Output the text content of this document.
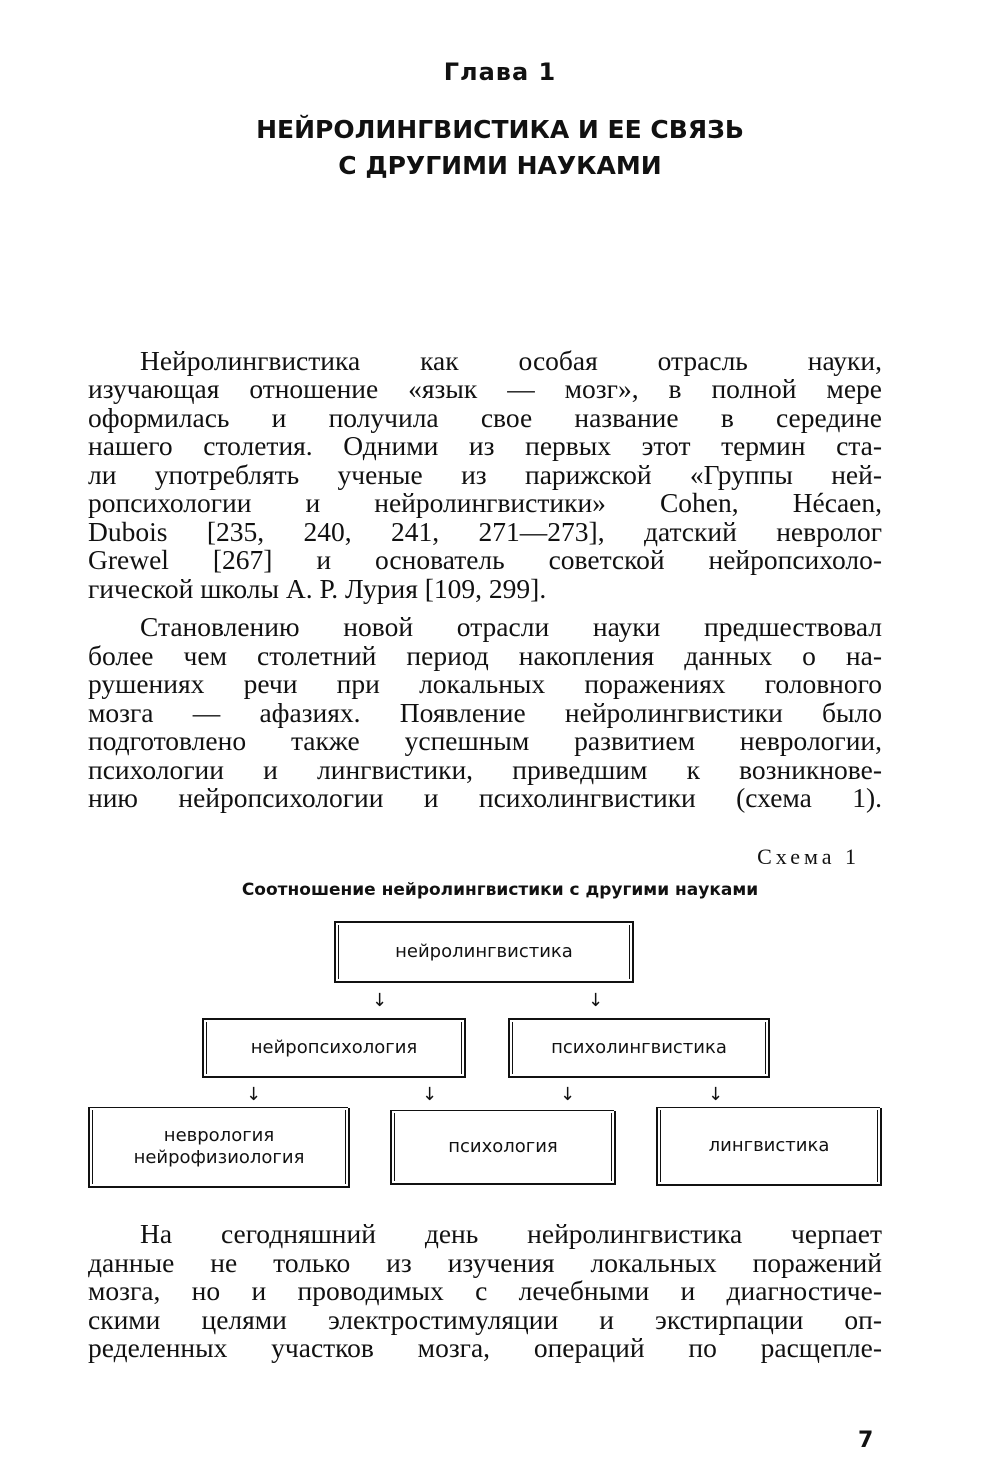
Глава 1
НЕЙРОЛИНГВИСТИКА И ЕЕ СВЯЗЬ
С ДРУГИМИ НАУКАМИ
Нейролингвистика как особая отрасль науки,
изучающая отношение «язык — мозг», в полной мере
оформилась и получила свое название в середине
нашего столетия. Одними из первых этот термин ста-
ли употреблять ученые из парижской «Группы ней-
ропсихологии и нейролингвистики» Cohen, Hécaen,
Dubois [235, 240, 241, 271—273], датский невролог
Grewel [267] и основатель советской нейропсихоло-
гической школы А. Р. Лурия [109, 299].
Становлению новой отрасли науки предшествовал
более чем столетний период накопления данных о на-
рушениях речи при локальных поражениях головного
мозга — афазиях. Появление нейролингвистики было
подготовлено также успешным развитием неврологии,
психологии и лингвистики, приведшим к возникнове-
нию нейропсихологии и психолингвистики (схема 1).
Схема 1
Соотношение нейролингвистики с другими науками
нейролингвистика
↓	↓
нейропсихология	психолингвистика
↓	↓	↓	↓
неврология
нейрофизиология
психология	лингвистика
На сегодняшний день нейролингвистика черпает
данные не только из изучения локальных поражений
мозга, но и проводимых с лечебными и диагностиче-
скими целями электростимуляции и экстирпации оп-
ределенных участков мозга, операций по расщепле-
7
